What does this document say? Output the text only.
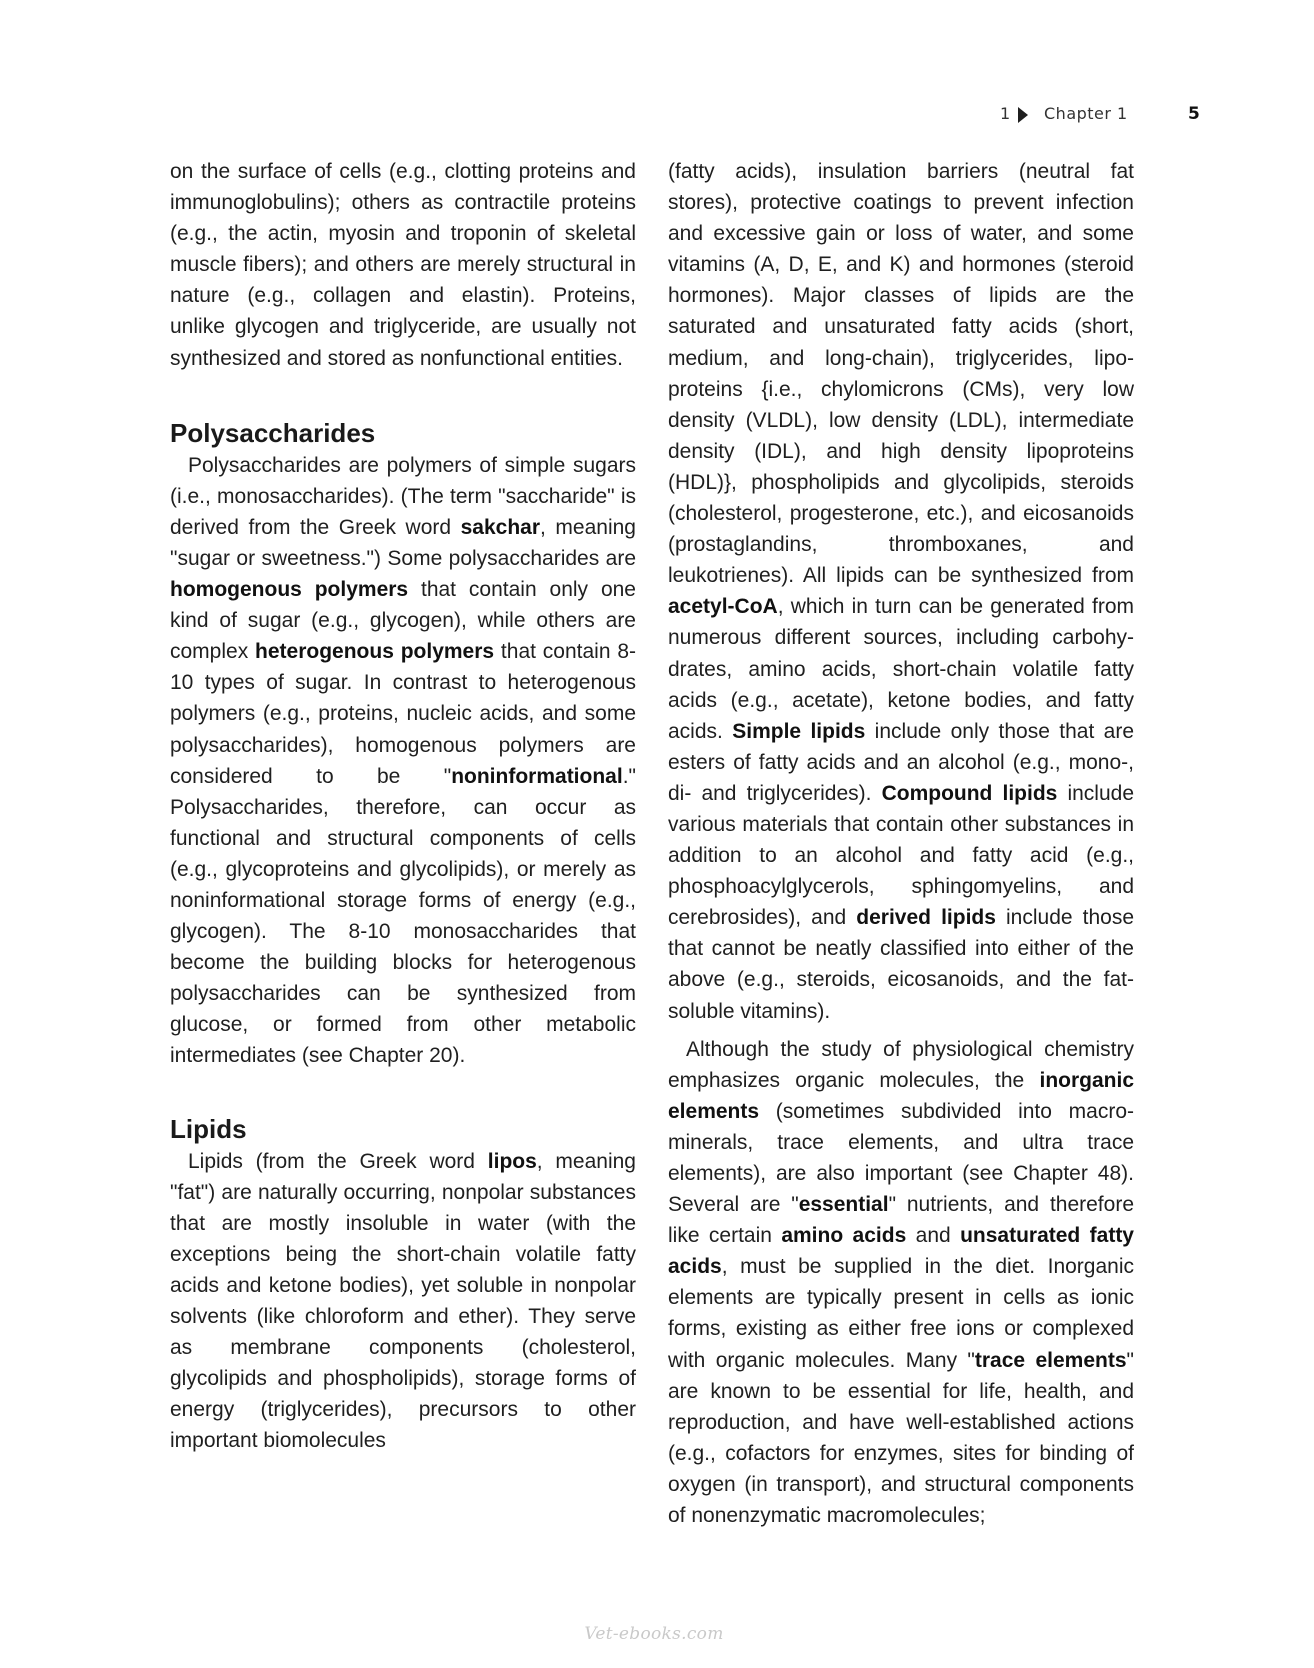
1 Chapter 1	5

on the surface of cells (e.g., clotting proteins and immunoglobulins); others as contractile proteins (e.g., the actin, myosin and troponin of skeletal muscle fibers); and others are merely structural in nature (e.g., collagen and elastin). Proteins, unlike glycogen and triglyceride, are usually not synthesized and stored as nonfunctional entities.

Polysaccharides

Polysaccharides are polymers of simple sugars (i.e., monosaccharides). (The term "saccharide" is derived from the Greek word sakchar, meaning "sugar or sweetness.") Some polysaccharides are homogenous polymers that contain only one kind of sugar (e.g., glycogen), while others are complex heterogenous polymers that contain 8-10 types of sugar. In contrast to heterogenous polymers (e.g., proteins, nucleic acids, and some polysaccharides), homogenous polymers are considered to be "noninformational." Polysaccharides, therefore, can occur as functional and structural components of cells (e.g., glycoproteins and glycolipids), or merely as noninformational storage forms of energy (e.g., glycogen). The 8-10 monosaccharides that become the building blocks for heterogenous polysaccharides can be synthesized from glucose, or formed from other metabolic intermediates (see Chapter 20).

Lipids

Lipids (from the Greek word lipos, meaning "fat") are naturally occurring, nonpolar substances that are mostly insoluble in water (with the exceptions being the short-chain volatile fatty acids and ketone bodies), yet soluble in nonpolar solvents (like chloroform and ether). They serve as membrane components (cholesterol, glycolipids and phospholipids), storage forms of energy (triglycerides), precursors to other important biomolecules

(fatty acids), insulation barriers (neutral fat stores), protective coatings to prevent infection and excessive gain or loss of water, and some vitamins (A, D, E, and K) and hormones (steroid hormones). Major classes of lipids are the saturated and unsaturated fatty acids (short, medium, and long-chain), triglycerides, lipoproteins {i.e., chylomicrons (CMs), very low density (VLDL), low density (LDL), intermediate density (IDL), and high density lipoproteins (HDL)}, phospholipids and glycolipids, steroids (cholesterol, progesterone, etc.), and eicosanoids (prostaglandins, thromboxanes, and leukotrienes). All lipids can be synthesized from acetyl-CoA, which in turn can be generated from numerous different sources, including carbohydrates, amino acids, short-chain volatile fatty acids (e.g., acetate), ketone bodies, and fatty acids. Simple lipids include only those that are esters of fatty acids and an alcohol (e.g., mono-, di- and triglycerides). Compound lipids include various materials that contain other substances in addition to an alcohol and fatty acid (e.g., phosphoacylglycerols, sphingomyelins, and cerebrosides), and derived lipids include those that cannot be neatly classified into either of the above (e.g., steroids, eicosanoids, and the fatsoluble vitamins).

Although the study of physiological chemistry emphasizes organic molecules, the inorganic elements (sometimes subdivided into macro-minerals, trace elements, and ultra trace elements), are also important (see Chapter 48). Several are "essential" nutrients, and therefore like certain amino acids and unsaturated fatty acids, must be supplied in the diet. Inorganic elements are typically present in cells as ionic forms, existing as either free ions or complexed with organic molecules. Many "trace elements" are known to be essential for life, health, and reproduction, and have well-established actions (e.g., cofactors for enzymes, sites for binding of oxygen (in transport), and structural components of nonenzymatic macromolecules;

Vet-ebooks.com
